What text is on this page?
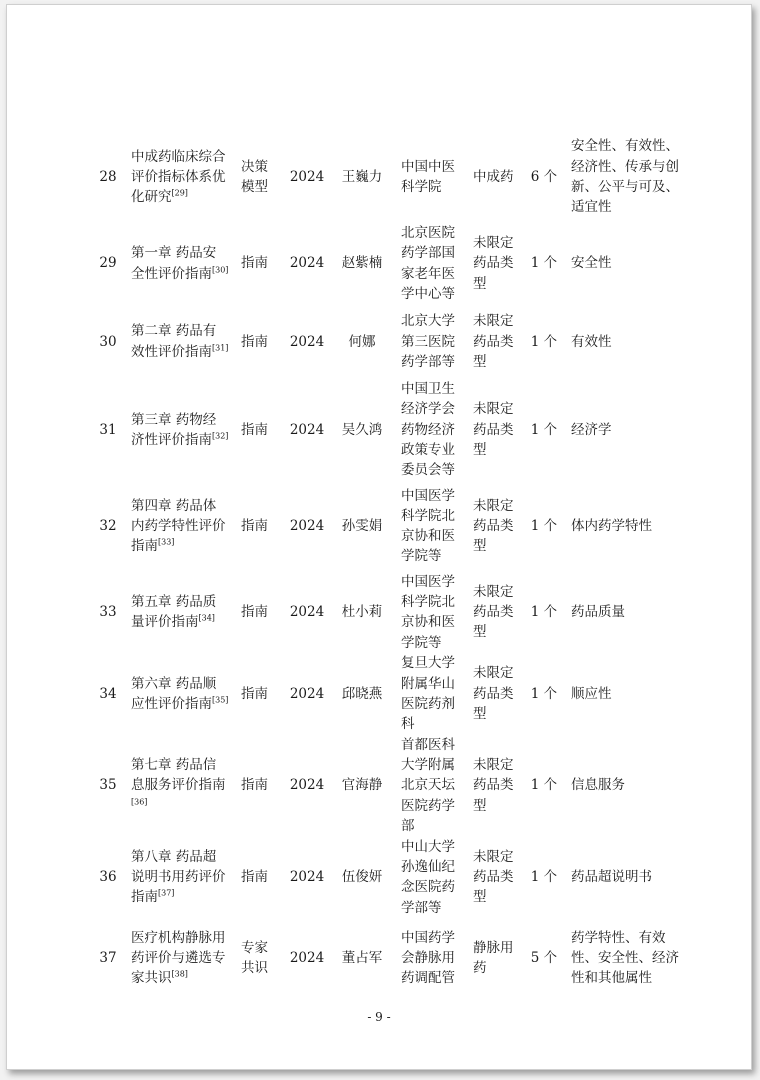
28	中成药临床综合评价指标体系优化研究[29]	决策模型	2024	王巍力	中国中医科学院	中成药	6 个	安全性、有效性、经济性、传承与创新、公平与可及、适宜性
29	第一章 药品安全性评价指南[30]	指南	2024	赵紫楠	北京医院药学部国家老年医学中心等	未限定药品类型	1 个	安全性
30	第二章 药品有效性评价指南[31]	指南	2024	何娜	北京大学第三医院药学部等	未限定药品类型	1 个	有效性
31	第三章 药物经济性评价指南[32]	指南	2024	吴久鸿	中国卫生经济学会药物经济政策专业委员会等	未限定药品类型	1 个	经济学
32	第四章 药品体内药学特性评价指南[33]	指南	2024	孙雯娟	中国医学科学院北京协和医学院等	未限定药品类型	1 个	体内药学特性
33	第五章 药品质量评价指南[34]	指南	2024	杜小莉	中国医学科学院北京协和医学院等	未限定药品类型	1 个	药品质量
34	第六章 药品顺应性评价指南[35]	指南	2024	邱晓燕	复旦大学附属华山医院药剂科	未限定药品类型	1 个	顺应性
35	第七章 药品信息服务评价指南[36]	指南	2024	官海静	首都医科大学附属北京天坛医院药学部	未限定药品类型	1 个	信息服务
36	第八章 药品超说明书用药评价指南[37]	指南	2024	伍俊妍	中山大学孙逸仙纪念医院药学部等	未限定药品类型	1 个	药品超说明书
37	医疗机构静脉用药评价与遴选专家共识[38]	专家共识	2024	董占军	中国药学会静脉用药调配管	静脉用药	5 个	药学特性、有效性、安全性、经济性和其他属性
- 9 -
